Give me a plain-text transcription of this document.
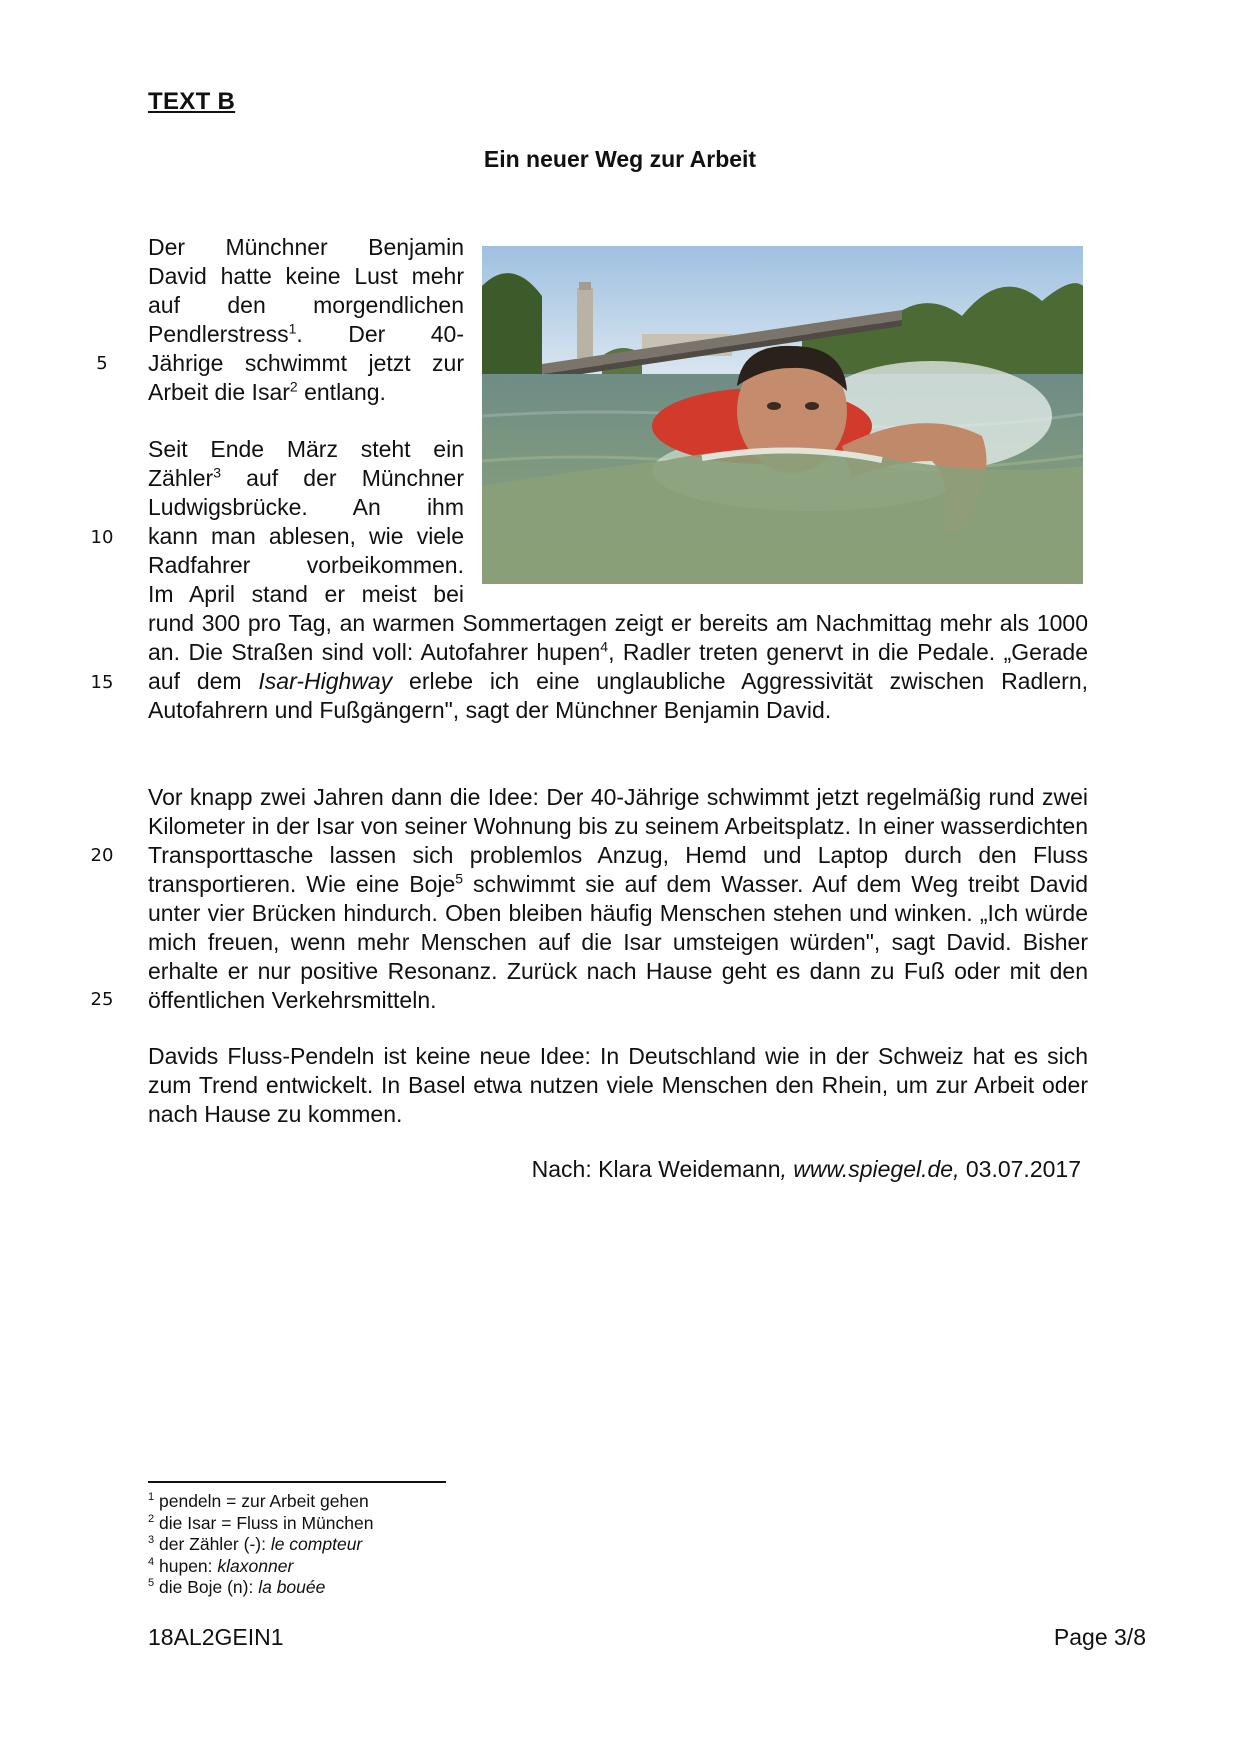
TEXT B
Ein neuer Weg zur Arbeit
Der Münchner Benjamin
David hatte keine Lust mehr
auf den morgendlichen
Pendlerstress$^1$. Der 40-
Jährige schwimmt jetzt zur
Arbeit die Isar$^2$ entlang.
Seit Ende März steht ein
Zähler$^3$ auf der Münchner
Ludwigsbrücke. An ihm
kann man ablesen, wie viele
Radfahrer vorbeikommen.
Im April stand er meist bei
rund 300 pro Tag, an warmen Sommertagen zeigt er bereits am Nachmittag mehr als 1000 an. Die Straßen sind voll: Autofahrer hupen$^4$, Radler treten genervt in die Pedale. „Gerade auf dem Isar-Highway erlebe ich eine unglaubliche Aggressivität zwischen Radlern, Autofahrern und Fußgängern", sagt der Münchner Benjamin David.
Vor knapp zwei Jahren dann die Idee: Der 40-Jährige schwimmt jetzt regelmäßig rund zwei Kilometer in der Isar von seiner Wohnung bis zu seinem Arbeitsplatz. In einer wasserdichten Transporttasche lassen sich problemlos Anzug, Hemd und Laptop durch den Fluss transportieren. Wie eine Boje$^5$ schwimmt sie auf dem Wasser. Auf dem Weg treibt David unter vier Brücken hindurch. Oben bleiben häufig Menschen stehen und winken. „Ich würde mich freuen, wenn mehr Menschen auf die Isar umsteigen würden", sagt David. Bisher erhalte er nur positive Resonanz. Zurück nach Hause geht es dann zu Fuß oder mit den öffentlichen Verkehrsmitteln.
Davids Fluss-Pendeln ist keine neue Idee: In Deutschland wie in der Schweiz hat es sich zum Trend entwickelt. In Basel etwa nutzen viele Menschen den Rhein, um zur Arbeit oder nach Hause zu kommen.
Nach: Klara Weidemann, www.spiegel.de, 03.07.2017
5
10
15
20
25
$^1$ pendeln = zur Arbeit gehen
$^2$ die Isar = Fluss in München
$^3$ der Zähler (-): le compteur
$^4$ hupen: klaxonner
$^5$ die Boje (n): la bouée
18AL2GEIN1	Page 3/8
